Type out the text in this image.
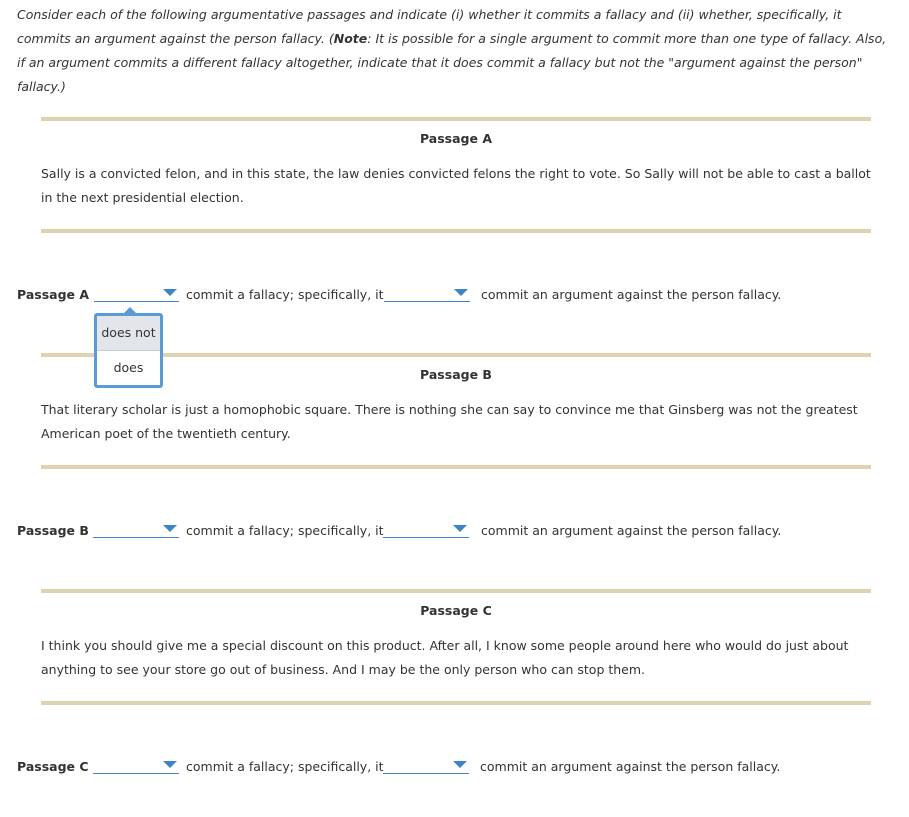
Consider each of the following argumentative passages and indicate (i) whether it commits a fallacy and (ii) whether, specifically, it commits an argument against the person fallacy. (Note: It is possible for a single argument to commit more than one type of fallacy. Also, if an argument commits a different fallacy altogether, indicate that it does commit a fallacy but not the "argument against the person" fallacy.)
Passage A
Sally is a convicted felon, and in this state, the law denies convicted felons the right to vote. So Sally will not be able to cast a ballot in the next presidential election.
Passage A	commit a fallacy; specifically, it	commit an argument against the person fallacy.
Passage B
That literary scholar is just a homophobic square. There is nothing she can say to convince me that Ginsberg was not the greatest American poet of the twentieth century.
Passage B	commit a fallacy; specifically, it	commit an argument against the person fallacy.
Passage C
I think you should give me a special discount on this product. After all, I know some people around here who would do just about anything to see your store go out of business. And I may be the only person who can stop them.
Passage C	commit a fallacy; specifically, it	commit an argument against the person fallacy.
does not
does
